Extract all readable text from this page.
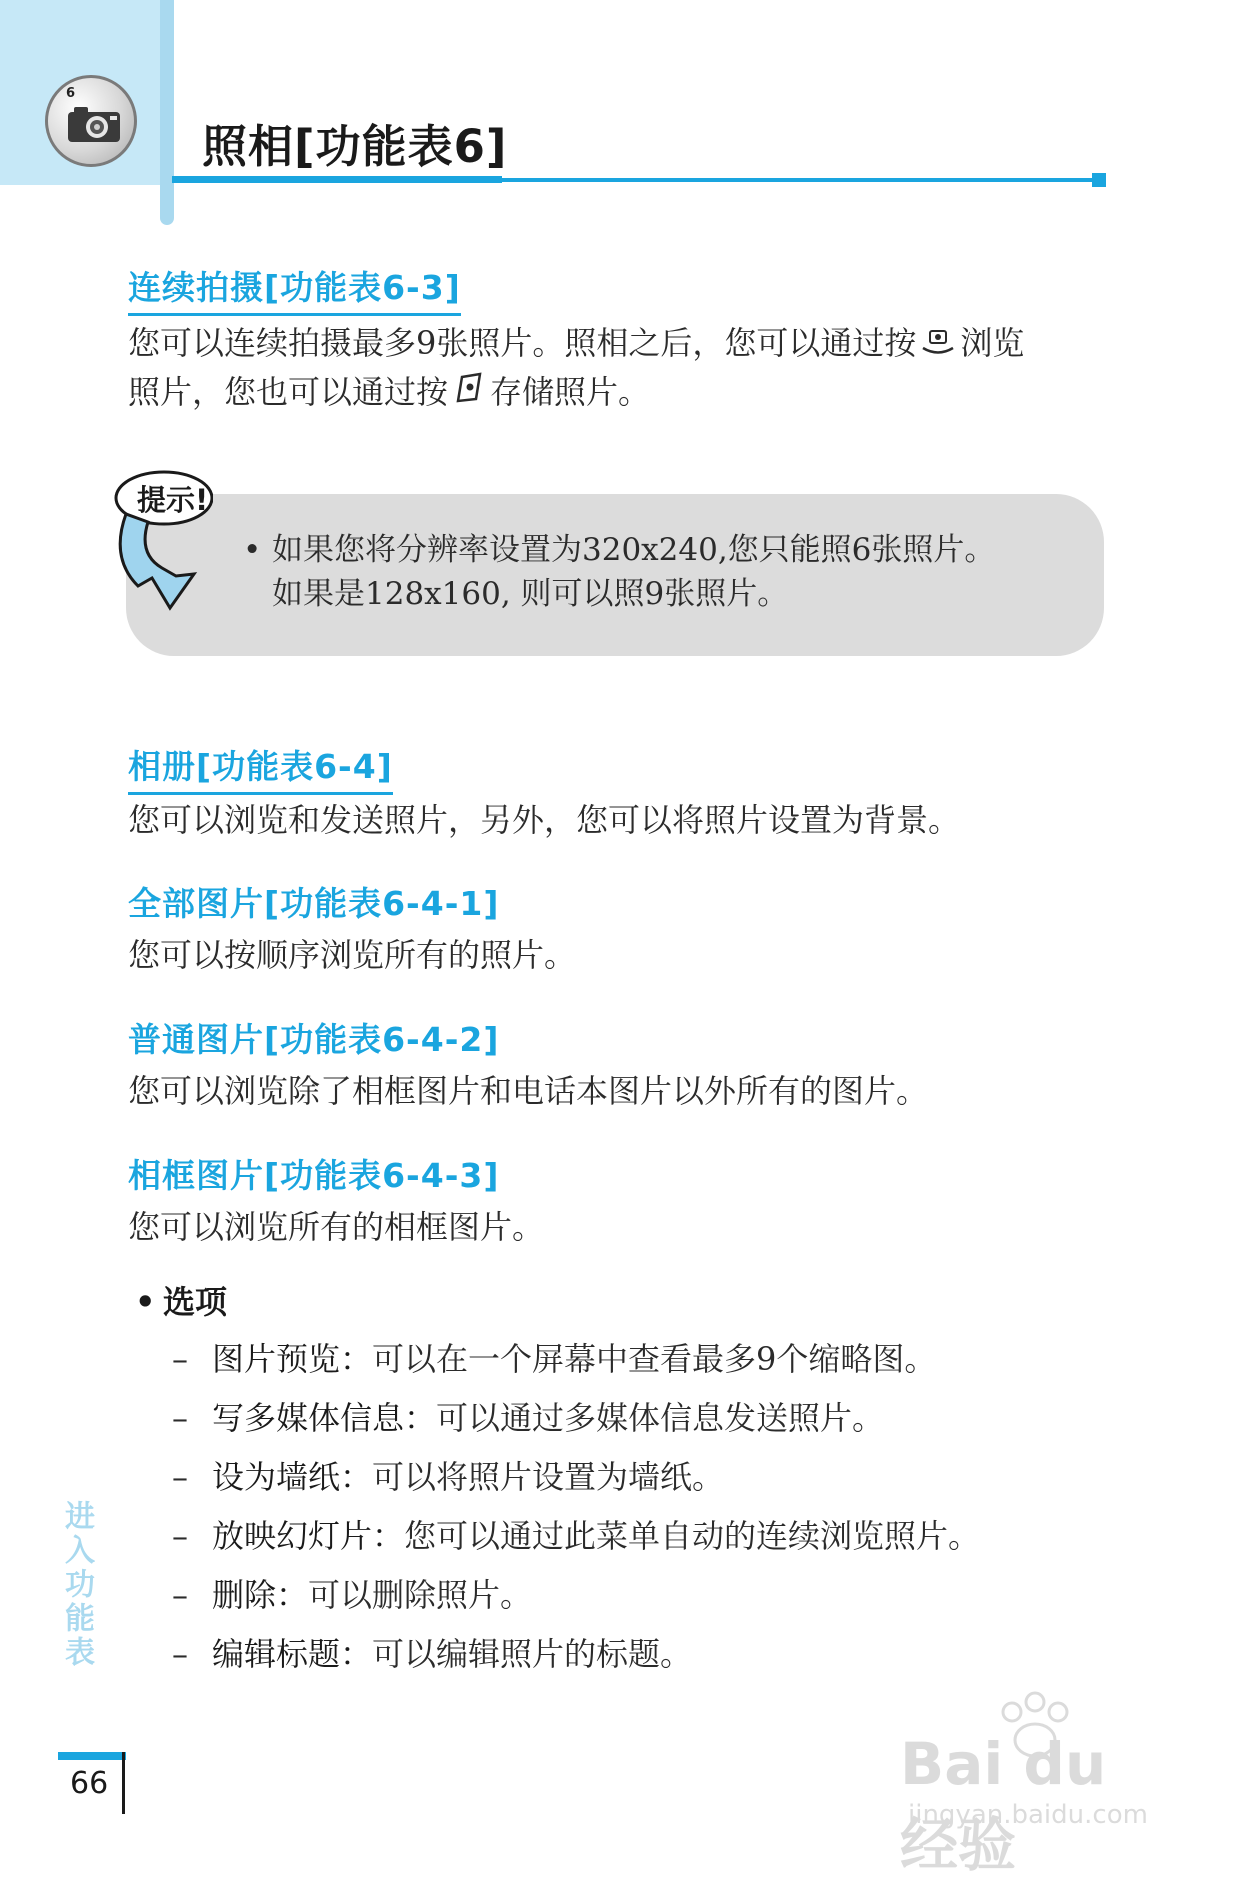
6
照相[功能表6]
连续拍摄[功能表6-3]

您可以连续拍摄最多9张照片。照相之后，您可以通过按 浏览
照片，您也可以通过按 存储照片。

提示!
• 如果您将分辨率设置为320x240,您只能照6张照片。
如果是128x160, 则可以照9张照片。
相册[功能表6-4]

您可以浏览和发送照片，另外，您可以将照片设置为背景。

全部图片[功能表6-4-1]

您可以按顺序浏览所有的照片。

普通图片[功能表6-4-2]

您可以浏览除了相框图片和电话本图片以外所有的图片。

相框图片[功能表6-4-3]

您可以浏览所有的相框图片。

• 选项
– 图片预览：可以在一个屏幕中查看最多9个缩略图。
– 写多媒体信息：可以通过多媒体信息发送照片。
– 设为墙纸：可以将照片设置为墙纸。
– 放映幻灯片：您可以通过此菜单自动的连续浏览照片。
– 删除：可以删除照片。
– 编辑标题：可以编辑照片的标题。
进入功能表
66	Bai du 经验
jingyan.baidu.com
